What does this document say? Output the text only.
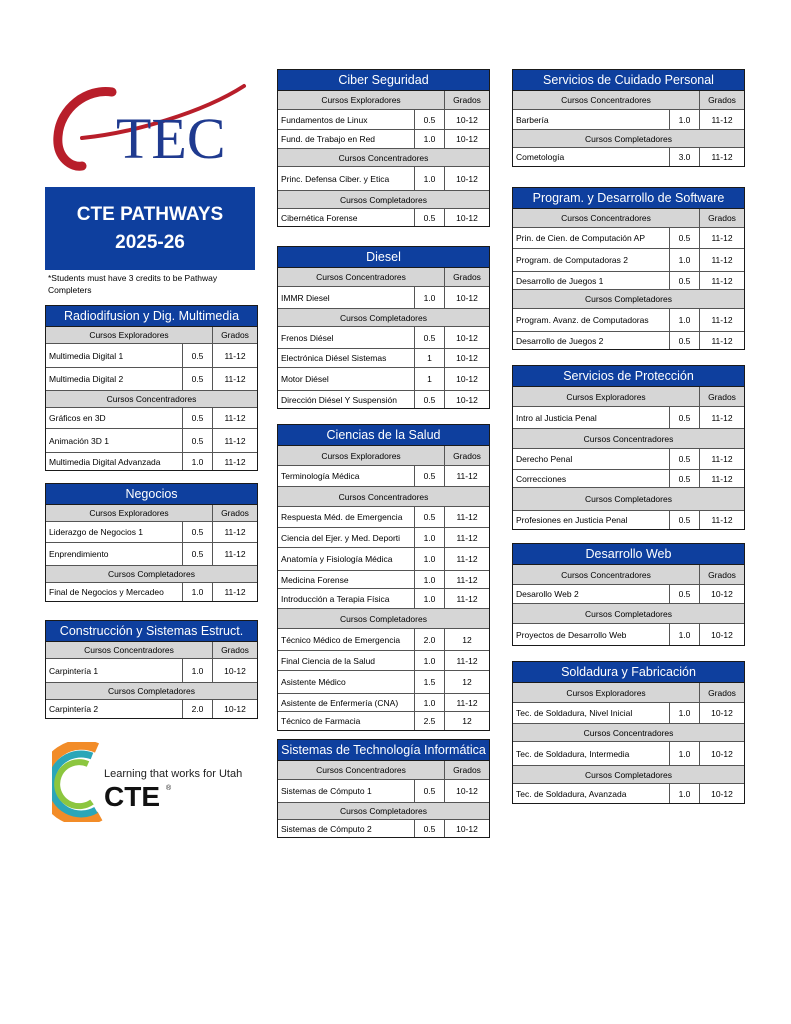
TEC
CTE PATHWAYS
2025-26
*Students must have 3 credits to be Pathway Completers
Radiodifusion y Dig. Multimedia
Cursos Exploradores	Grados
Multimedia Digital 1	0.5	11-12
Multimedia Digital 2	0.5	11-12
Cursos Concentradores
Gráficos en 3D	0.5	11-12
Animación 3D 1	0.5	11-12
Multimedia Digital Advanzada	1.0	11-12
Negocios
Cursos Exploradores	Grados
Liderazgo de Negocios 1	0.5	11-12
Enprendimiento	0.5	11-12
Cursos Completadores
Final de Negocios y Mercadeo	1.0	11-12
Construcción y Sistemas Estruct.
Cursos Concentradores	Grados
Carpintería 1	1.0	10-12
Cursos Completadores
Carpintería 2	2.0	10-12
Learning that works for Utah
CTE ®
Ciber Seguridad
Cursos Exploradores	Grados
Fundamentos de Linux	0.5	10-12
Fund. de Trabajo en Red	1.0	10-12
Cursos Concentradores
Princ. Defensa Ciber. y Etica	1.0	10-12
Cursos Completadores
Cibernética Forense	0.5	10-12
Diesel
Cursos Concentradores	Grados
IMMR Diesel	1.0	10-12
Cursos Completadores
Frenos Diésel	0.5	10-12
Electrónica Diésel Sistemas	1	10-12
Motor Diésel	1	10-12
Dirección Diésel Y Suspensión	0.5	10-12
Ciencias de la Salud
Cursos Exploradores	Grados
Terminología Médica	0.5	11-12
Cursos Concentradores
Respuesta Méd. de Emergencia	0.5	11-12
Ciencia del Ejer. y Med. Deporti	1.0	11-12
Anatomía y Fisiología Médica	1.0	11-12
Medicina Forense	1.0	11-12
Introducción a Terapia Física	1.0	11-12
Cursos Completadores
Técnico Médico de Emergencia	2.0	12
Final Ciencia de la Salud	1.0	11-12
Asistente Médico	1.5	12
Asistente de Enfermería (CNA)	1.0	11-12
Técnico de Farmacia	2.5	12
Sistemas de Technología Informática
Cursos Concentradores	Grados
Sistemas de Cómputo 1	0.5	10-12
Cursos Completadores
Sistemas de Cómputo 2	0.5	10-12
Servicios de Cuidado Personal
Cursos Concentradores	Grados
Barbería	1.0	11-12
Cursos Completadores
Cometología	3.0	11-12
Program. y Desarrollo de Software
Cursos Concentradores	Grados
Prin. de Cien. de Computación AP	0.5	11-12
Program. de Computadoras 2	1.0	11-12
Desarrollo de Juegos 1	0.5	11-12
Cursos Completadores
Program. Avanz. de Computadoras	1.0	11-12
Desarrollo de Juegos 2	0.5	11-12
Servicios de Protección
Cursos Exploradores	Grados
Intro al Justicia Penal	0.5	11-12
Cursos Concentradores
Derecho Penal	0.5	11-12
Correcciones	0.5	11-12
Cursos Completadores
Profesiones en Justicia Penal	0.5	11-12
Desarrollo Web
Cursos Concentradores	Grados
Desarollo Web 2	0.5	10-12
Cursos Completadores
Proyectos de Desarrollo Web	1.0	10-12
Soldadura y Fabricación
Cursos Exploradores	Grados
Tec. de Soldadura, Nivel Inicial	1.0	10-12
Cursos Concentradores
Tec. de Soldadura, Intermedia	1.0	10-12
Cursos Completadores
Tec. de Soldadura, Avanzada	1.0	10-12
